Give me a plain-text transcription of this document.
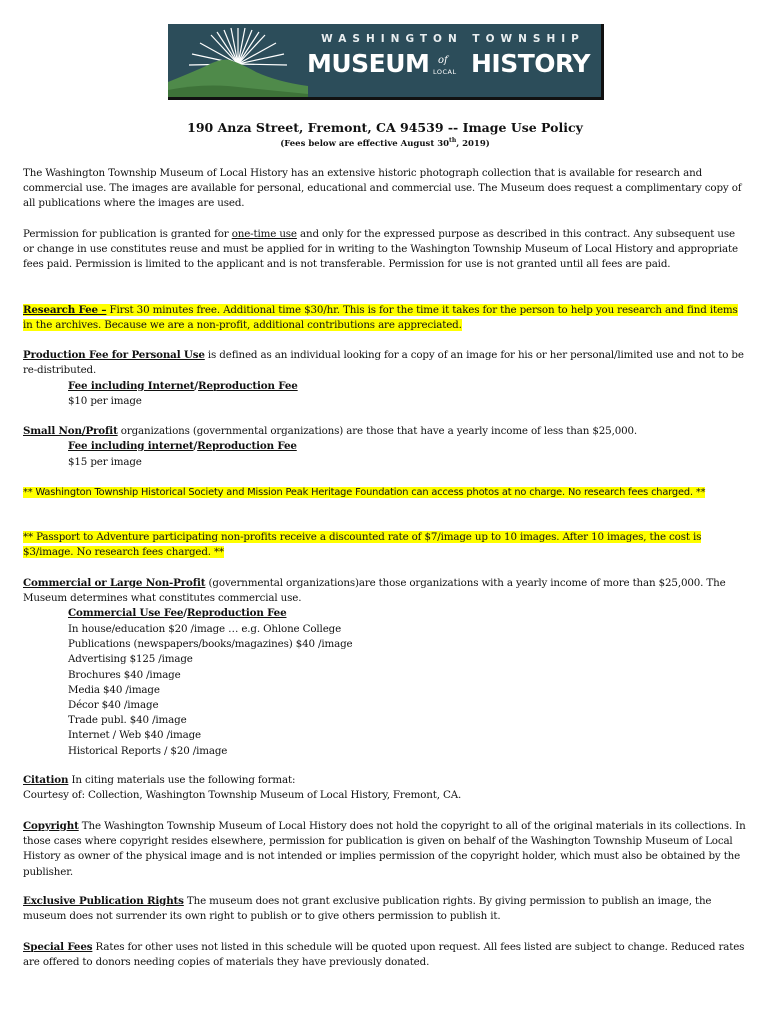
WASHINGTON TOWNSHIP
MUSEUM of
LOCAL HISTORY
190 Anza Street, Fremont, CA 94539 -- Image Use Policy
(Fees below are effective August 30th, 2019)
The Washington Township Museum of Local History has an extensive historic photograph collection that is available for research and commercial use. The images are available for personal, educational and commercial use. The Museum does request a complimentary copy of all publications where the images are used.
Permission for publication is granted for one-time use and only for the expressed purpose as described in this contract. Any subsequent use or change in use constitutes reuse and must be applied for in writing to the Washington Township Museum of Local History and appropriate fees paid. Permission is limited to the applicant and is not transferable. Permission for use is not granted until all fees are paid.
Research Fee – First 30 minutes free. Additional time $30/hr. This is for the time it takes for the person to help you research and find items in the archives. Because we are a non-profit, additional contributions are appreciated.
Production Fee for Personal Use is defined as an individual looking for a copy of an image for his or her personal/limited use and not to be re-distributed.
Fee including Internet/Reproduction Fee
$10 per image
Small Non/Profit organizations (governmental organizations) are those that have a yearly income of less than $25,000.
Fee including internet/Reproduction Fee
$15 per image
** Washington Township Historical Society and Mission Peak Heritage Foundation can access photos at no charge. No research fees charged. **
** Passport to Adventure participating non-profits receive a discounted rate of $7/image up to 10 images. After 10 images, the cost is $3/image. No research fees charged. **
Commercial or Large Non-Profit (governmental organizations)are those organizations with a yearly income of more than $25,000. The Museum determines what constitutes commercial use.
Commercial Use Fee/Reproduction Fee
In house/education $20 /image … e.g. Ohlone College
Publications (newspapers/books/magazines) $40 /image
Advertising $125 /image
Brochures $40 /image
Media $40 /image
Décor $40 /image
Trade publ. $40 /image
Internet / Web $40 /image
Historical Reports / $20 /image
Citation In citing materials use the following format:
Courtesy of: Collection, Washington Township Museum of Local History, Fremont, CA.
Copyright The Washington Township Museum of Local History does not hold the copyright to all of the original materials in its collections. In those cases where copyright resides elsewhere, permission for publication is given on behalf of the Washington Township Museum of Local History as owner of the physical image and is not intended or implies permission of the copyright holder, which must also be obtained by the publisher.
Exclusive Publication Rights The museum does not grant exclusive publication rights. By giving permission to publish an image, the museum does not surrender its own right to publish or to give others permission to publish it.
Special Fees Rates for other uses not listed in this schedule will be quoted upon request. All fees listed are subject to change. Reduced rates are offered to donors needing copies of materials they have previously donated.
